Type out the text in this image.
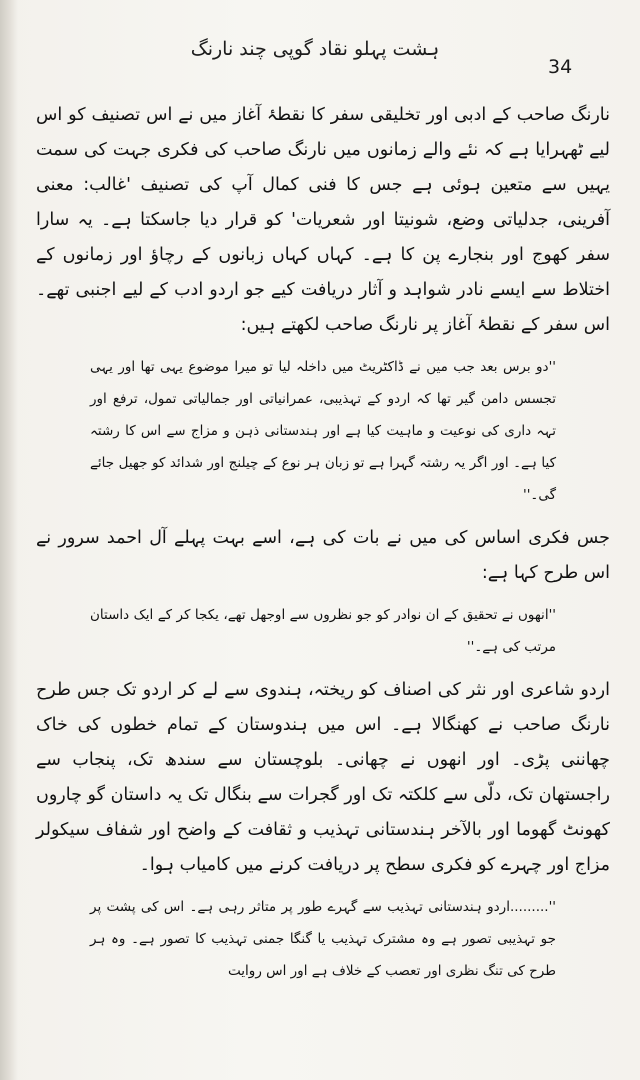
ہشت پہلو نقاد گوپی چند نارنگ
34

نارنگ صاحب کے ادبی اور تخلیقی سفر کا نقطۂ آغاز میں نے اس تصنیف کو اس لیے ٹھہرایا ہے کہ نئے والے زمانوں میں نارنگ صاحب کی فکری جہت کی سمت یہیں سے متعین ہوئی ہے جس کا فنی کمال آپ کی تصنیف 'غالب: معنی آفرینی، جدلیاتی وضع، شونیتا اور شعریات' کو قرار دیا جاسکتا ہے۔ یہ سارا سفر کھوج اور بنجارے پن کا ہے۔ کہاں کہاں زبانوں کے رچاؤ اور زمانوں کے اختلاط سے ایسے نادر شواہد و آثار دریافت کیے جو اردو ادب کے لیے اجنبی تھے۔ اس سفر کے نقطۂ آغاز پر نارنگ صاحب لکھتے ہیں:

''دو برس بعد جب میں نے ڈاکٹریٹ میں داخلہ لیا تو میرا موضوع یہی تھا اور یہی تجسس دامن گیر تھا کہ اردو کے تہذیبی، عمرانیاتی اور جمالیاتی تمول، ترفع اور تہہ داری کی نوعیت و ماہیت کیا ہے اور ہندستانی ذہن و مزاج سے اس کا رشتہ کیا ہے۔ اور اگر یہ رشتہ گہرا ہے تو زبان ہر نوع کے چیلنج اور شدائد کو جھیل جائے گی۔''

جس فکری اساس کی میں نے بات کی ہے، اسے بہت پہلے آل احمد سرور نے اس طرح کہا ہے:

''انھوں نے تحقیق کے ان نوادر کو جو نظروں سے اوجھل تھے، یکجا کر کے ایک داستان مرتب کی ہے۔''

اردو شاعری اور نثر کی اصناف کو ریختہ، ہندوی سے لے کر اردو تک جس طرح نارنگ صاحب نے کھنگالا ہے۔ اس میں ہندوستان کے تمام خطوں کی خاک چھاننی پڑی۔ اور انھوں نے چھانی۔ بلوچستان سے سندھ تک، پنجاب سے راجستھان تک، دلّی سے کلکتہ تک اور گجرات سے بنگال تک یہ داستان گو چاروں کھونٹ گھوما اور بالآخر ہندستانی تہذیب و ثقافت کے واضح اور شفاف سیکولر مزاج اور چہرے کو فکری سطح پر دریافت کرنے میں کامیاب ہوا۔

''.........اردو ہندستانی تہذیب سے گہرے طور پر متاثر رہی ہے۔ اس کی پشت پر جو تہذیبی تصور ہے وہ مشترک تہذیب یا گنگا جمنی تہذیب کا تصور ہے۔ وہ ہر طرح کی تنگ نظری اور تعصب کے خلاف ہے اور اس روایت
